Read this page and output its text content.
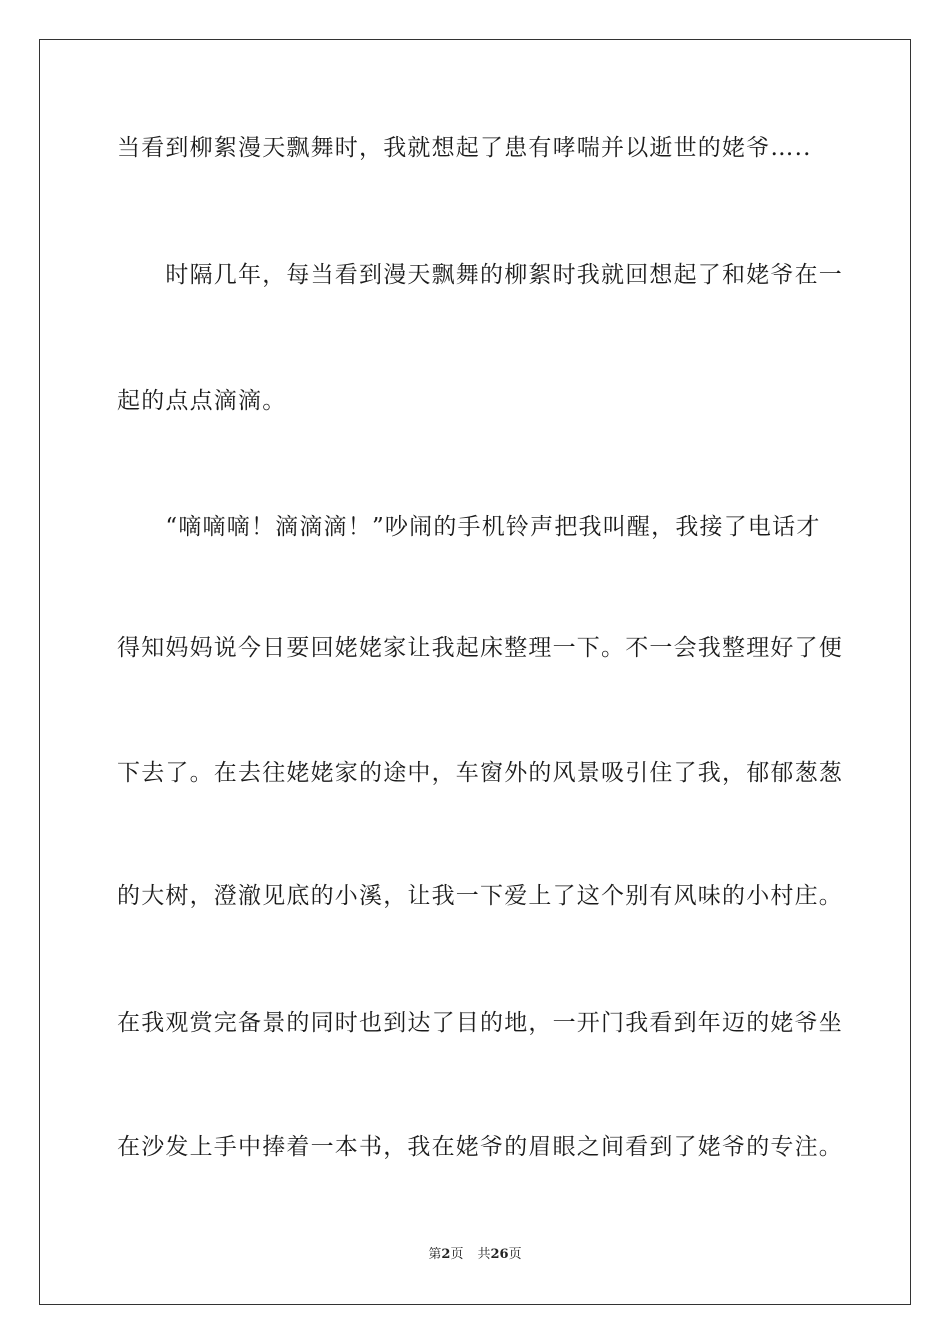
当看到柳絮漫天飘舞时，我就想起了患有哮喘并以逝世的姥爷…..
　　时隔几年，每当看到漫天飘舞的柳絮时我就回想起了和姥爷在一
起的点点滴滴。
　　“嘀嘀嘀！滴滴滴！”吵闹的手机铃声把我叫醒，我接了电话才
得知妈妈说今日要回姥姥家让我起床整理一下。不一会我整理好了便
下去了。在去往姥姥家的途中，车窗外的风景吸引住了我，郁郁葱葱
的大树，澄澈见底的小溪，让我一下爱上了这个别有风味的小村庄。
在我观赏完备景的同时也到达了目的地，一开门我看到年迈的姥爷坐
在沙发上手中捧着一本书，我在姥爷的眉眼之间看到了姥爷的专注。
第2页 共26页
